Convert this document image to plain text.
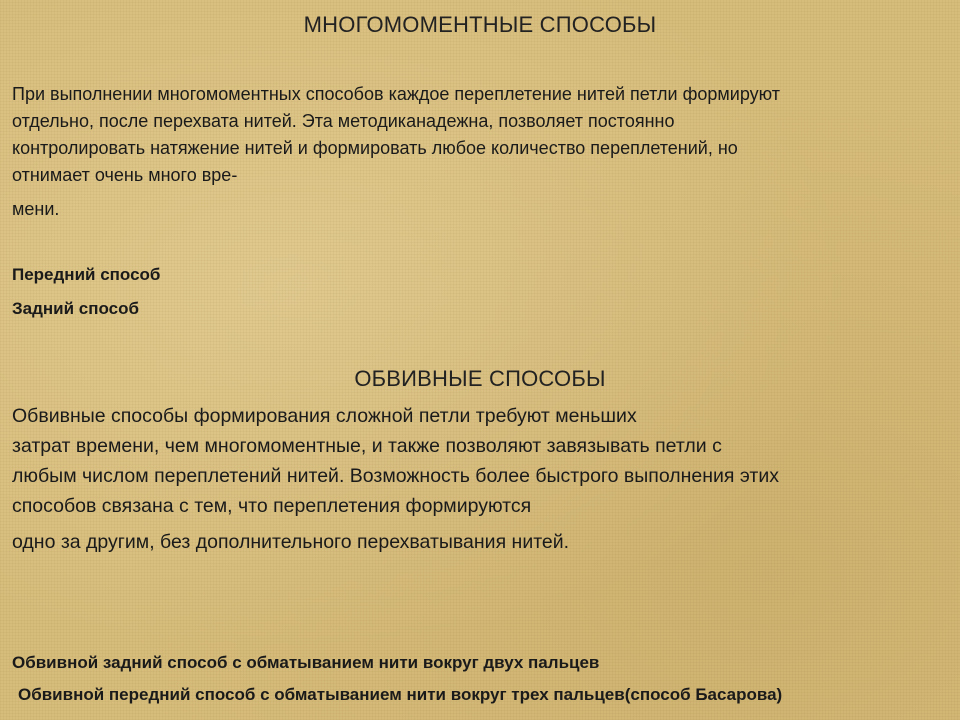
МНОГОМОМЕНТНЫЕ СПОСОБЫ

При выполнении многомоментных способов каждое переплетение нитей петли формируют
отдельно, после перехвата нитей. Эта методиканадежна, позволяет постоянно
контролировать натяжение нитей и формировать любое количество переплетений, но
отнимает очень много вре-
мени.

Передний способ
Задний способ
ОБВИВНЫЕ СПОСОБЫ

Обвивные способы формирования сложной петли требуют меньших
затрат времени, чем многомоментные, и также позволяют завязывать петли с
любым числом переплетений нитей. Возможность более быстрого выполнения этих
способов связана с тем, что переплетения формируются
одно за другим, без дополнительного перехватывания нитей.

Обвивной задний способ с обматыванием нити вокруг двух пальцев
Обвивной передний способ с обматыванием нити вокруг трех пальцев(способ Басарова)
